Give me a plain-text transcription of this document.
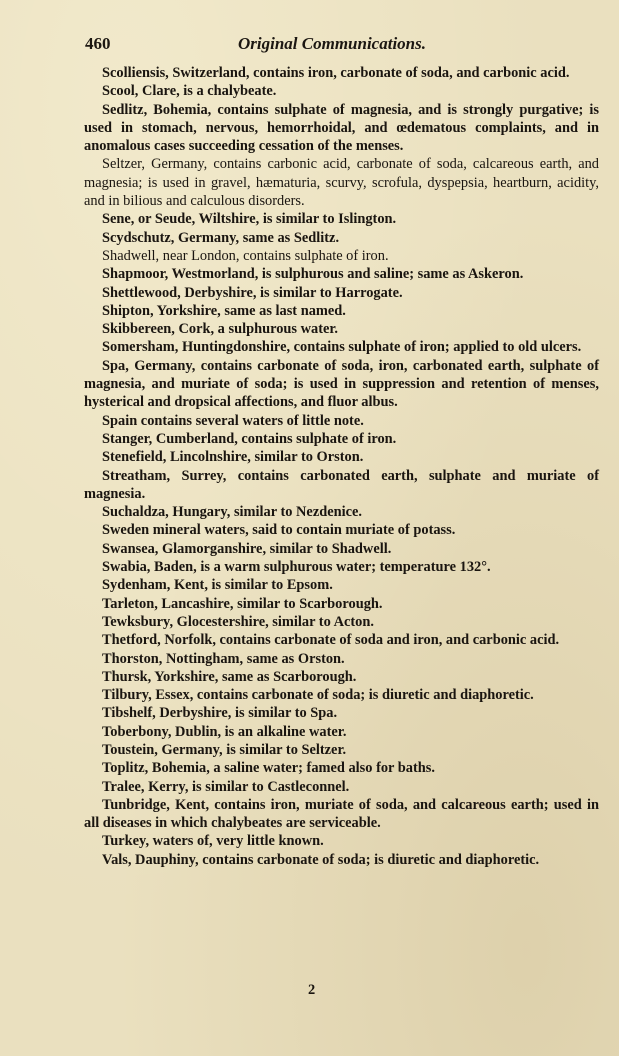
460	Original Communications.

Scolliensis, Switzerland, contains iron, carbonate of soda, and carbonic acid.

Scool, Clare, is a chalybeate.

Sedlitz, Bohemia, contains sulphate of magnesia, and is strongly purgative; is used in stomach, nervous, hemorrhoidal, and œdematous complaints, and in anomalous cases succeeding cessation of the menses.

Seltzer, Germany, contains carbonic acid, carbonate of soda, calcareous earth, and magnesia; is used in gravel, hæmaturia, scurvy, scrofula, dyspepsia, heartburn, acidity, and in bilious and calculous disorders.

Sene, or Seude, Wiltshire, is similar to Islington.

Scydschutz, Germany, same as Sedlitz.

Shadwell, near London, contains sulphate of iron.

Shapmoor, Westmorland, is sulphurous and saline; same as Askeron.

Shettlewood, Derbyshire, is similar to Harrogate.

Shipton, Yorkshire, same as last named.

Skibbereen, Cork, a sulphurous water.

Somersham, Huntingdonshire, contains sulphate of iron; applied to old ulcers.

Spa, Germany, contains carbonate of soda, iron, carbonated earth, sulphate of magnesia, and muriate of soda; is used in suppression and retention of menses, hysterical and dropsical affections, and fluor albus.

Spain contains several waters of little note.

Stanger, Cumberland, contains sulphate of iron.

Stenefield, Lincolnshire, similar to Orston.

Streatham, Surrey, contains carbonated earth, sulphate and muriate of magnesia.

Suchaldza, Hungary, similar to Nezdenice.

Sweden mineral waters, said to contain muriate of potass.

Swansea, Glamorganshire, similar to Shadwell.

Swabia, Baden, is a warm sulphurous water; temperature 132°.

Sydenham, Kent, is similar to Epsom.

Tarleton, Lancashire, similar to Scarborough.

Tewksbury, Glocestershire, similar to Acton.

Thetford, Norfolk, contains carbonate of soda and iron, and carbonic acid.

Thorston, Nottingham, same as Orston.

Thursk, Yorkshire, same as Scarborough.

Tilbury, Essex, contains carbonate of soda; is diuretic and diaphoretic.

Tibshelf, Derbyshire, is similar to Spa.

Toberbony, Dublin, is an alkaline water.

Toustein, Germany, is similar to Seltzer.

Toplitz, Bohemia, a saline water; famed also for baths.

Tralee, Kerry, is similar to Castleconnel.

Tunbridge, Kent, contains iron, muriate of soda, and calcareous earth; used in all diseases in which chalybeates are serviceable.

Turkey, waters of, very little known.

Vals, Dauphiny, contains carbonate of soda; is diuretic and diaphoretic.

2
